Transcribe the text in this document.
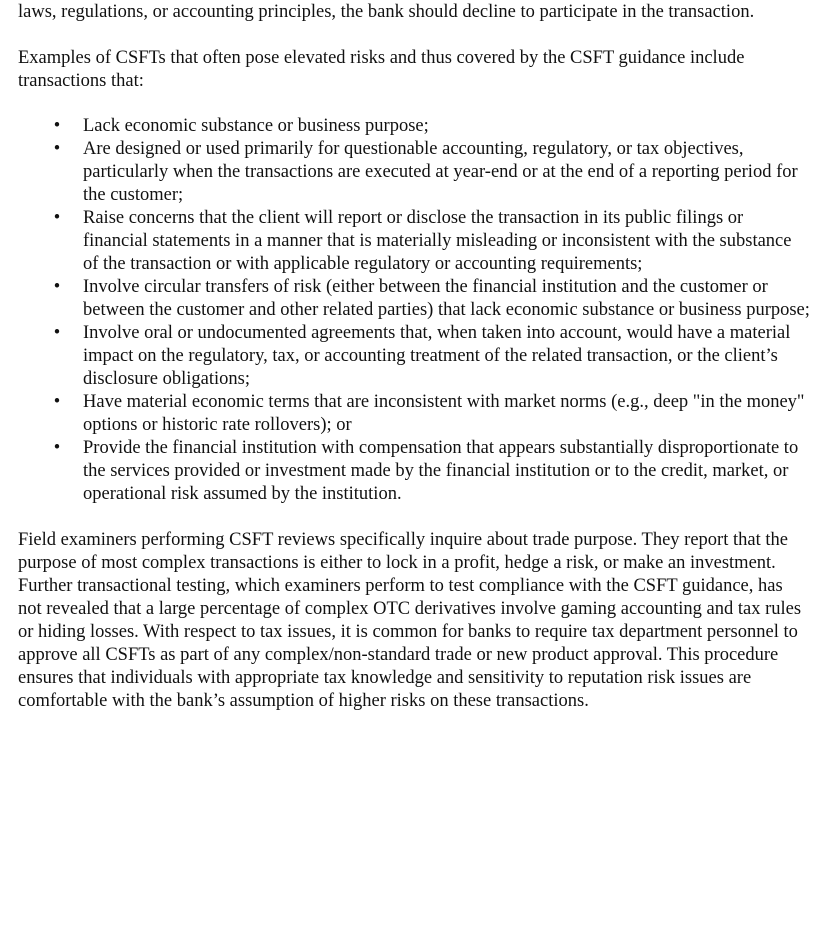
laws, regulations, or accounting principles, the bank should decline to participate in the transaction.

Examples of CSFTs that often pose elevated risks and thus covered by the CSFT guidance include transactions that:

• Lack economic substance or business purpose;
• Are designed or used primarily for questionable accounting, regulatory, or tax objectives, particularly when the transactions are executed at year-end or at the end of a reporting period for the customer;
• Raise concerns that the client will report or disclose the transaction in its public filings or financial statements in a manner that is materially misleading or inconsistent with the substance of the transaction or with applicable regulatory or accounting requirements;
• Involve circular transfers of risk (either between the financial institution and the customer or between the customer and other related parties) that lack economic substance or business purpose;
• Involve oral or undocumented agreements that, when taken into account, would have a material impact on the regulatory, tax, or accounting treatment of the related transaction, or the client’s disclosure obligations;
• Have material economic terms that are inconsistent with market norms (e.g., deep "in the money" options or historic rate rollovers); or
• Provide the financial institution with compensation that appears substantially disproportionate to the services provided or investment made by the financial institution or to the credit, market, or operational risk assumed by the institution.

Field examiners performing CSFT reviews specifically inquire about trade purpose. They report that the purpose of most complex transactions is either to lock in a profit, hedge a risk, or make an investment. Further transactional testing, which examiners perform to test compliance with the CSFT guidance, has not revealed that a large percentage of complex OTC derivatives involve gaming accounting and tax rules or hiding losses. With respect to tax issues, it is common for banks to require tax department personnel to approve all CSFTs as part of any complex/non-standard trade or new product approval. This procedure ensures that individuals with appropriate tax knowledge and sensitivity to reputation risk issues are comfortable with the bank’s assumption of higher risks on these transactions.
